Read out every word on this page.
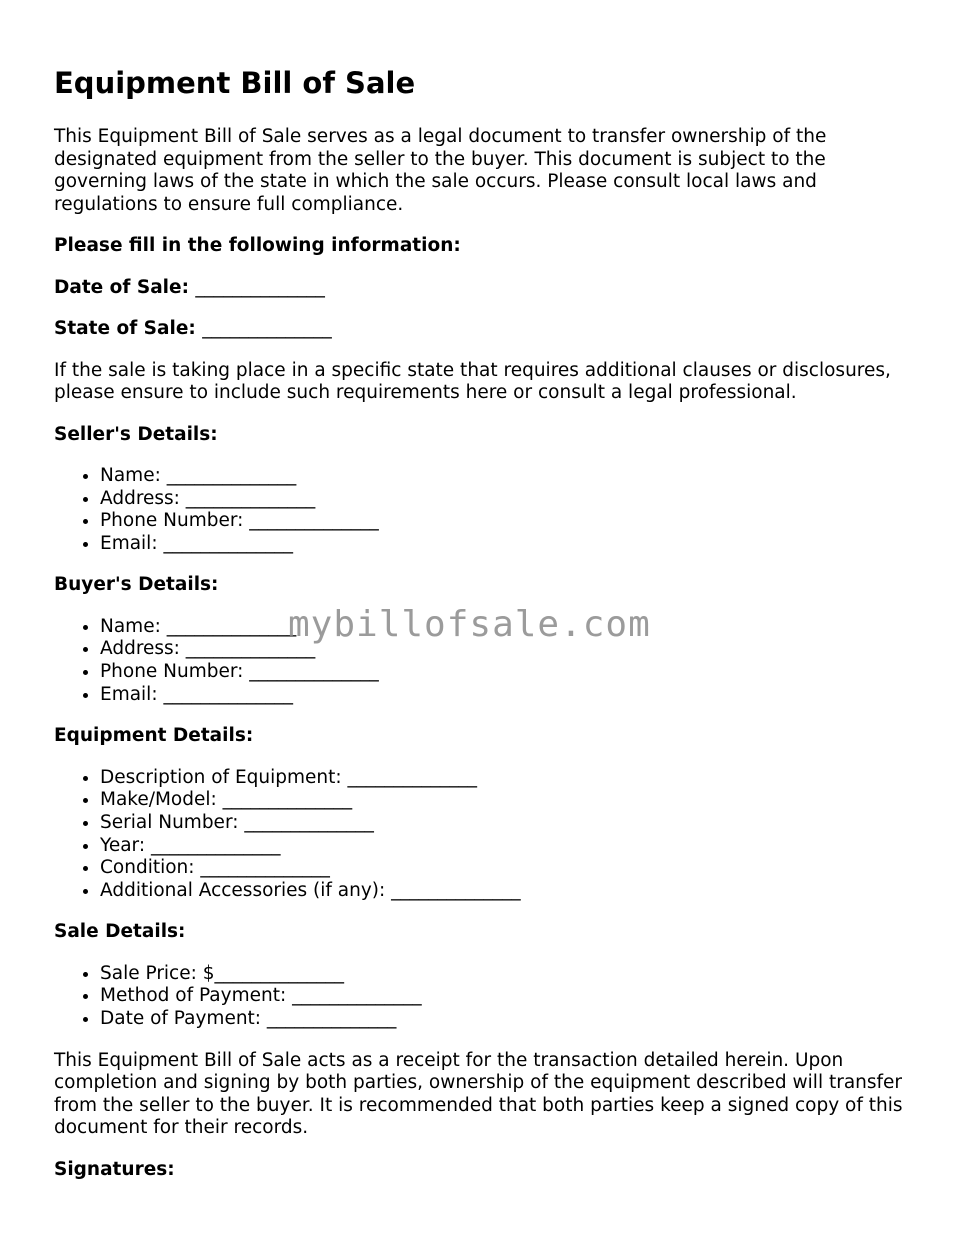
Equipment Bill of Sale

This Equipment Bill of Sale serves as a legal document to transfer ownership of the designated equipment from the seller to the buyer. This document is subject to the governing laws of the state in which the sale occurs. Please consult local laws and regulations to ensure full compliance.

Please fill in the following information:

Date of Sale: ______________
State of Sale: ______________

If the sale is taking place in a specific state that requires additional clauses or disclosures, please ensure to include such requirements here or consult a legal professional.

Seller's Details:

• Name: ______________
• Address: ______________
• Phone Number: ______________
• Email: ______________

Buyer's Details:

• Name: ______________
• Address: ______________
• Phone Number: ______________
• Email: ______________

Equipment Details:

• Description of Equipment: ______________
• Make/Model: ______________
• Serial Number: ______________
• Year: ______________
• Condition: ______________
• Additional Accessories (if any): ______________

Sale Details:

• Sale Price: $______________
• Method of Payment: ______________
• Date of Payment: ______________

This Equipment Bill of Sale acts as a receipt for the transaction detailed herein. Upon completion and signing by both parties, ownership of the equipment described will transfer from the seller to the buyer. It is recommended that both parties keep a signed copy of this document for their records.

Signatures:

mybillofsale.com
